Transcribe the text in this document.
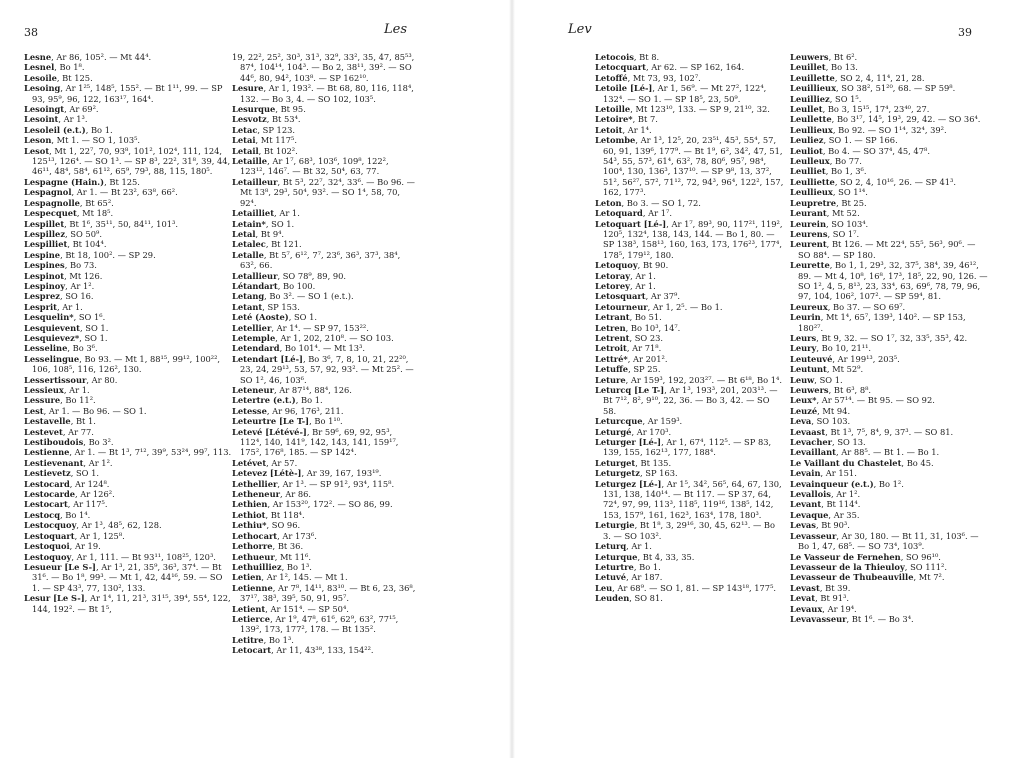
38	Les
Lesne, Ar 86, 105². — Mt 44⁴.
Lesnel, Bo 1⁸.
Lesoile, Bt 125.
Lesoing, Ar 1²⁵, 148⁵, 155². — Bt 1¹¹, 99. — SP 93, 95⁹, 96, 122, 163¹⁷, 164⁴.
Lesoingt, Ar 69².
Lesoint, Ar 1³.
Lesoleil (e.t.), Bo 1.
Leson, Mt 1. — SO 1, 103⁵.
Lesot, Mt 1, 22⁷, 70, 93⁸, 101², 102⁴, 111, 124, 125¹³, 126⁴. — SO 1³. — SP 8³, 22², 31⁸, 39, 44, 46¹¹, 48⁴, 58⁴, 61¹², 65⁹, 79³, 88, 115, 180⁵.
Lespagne (Hain.), Bt 125.
Lespagnol, Ar 1. — Bt 23², 63⁸, 66².
Lespagnolle, Bt 65².
Lespecquet, Mt 18⁵.
Lespillet, Bt 1⁶, 35¹¹, 50, 84¹¹, 101³.
Lespillez, SO 50⁹.
Lespilliet, Bt 104⁴.
Lespine, Bt 18, 100². — SP 29.
Lespines, Bo 73.
Lespinot, Mt 126.
Lespinoy, Ar 1².
Lesprez, SO 16.
Lesprit, Ar 1.
Lesquelin*, SO 1⁶.
Lesquievent, SO 1.
Lesquievez*, SO 1.
Lesseline, Bo 3⁶.
Lesselingue, Bo 93. — Mt 1, 88¹⁵, 99¹², 100²², 106, 108⁵, 116, 126², 130.
Lessertissour, Ar 80.
Lessieux, Ar 1.
Lessure, Bo 11².
Lest, Ar 1. — Bo 96. — SO 1.
Lestavelle, Bt 1.
Lestevet, Ar 77.
Lestiboudois, Bo 3².
Lestienne, Ar 1. — Bt 1³, 7¹², 39⁹, 53²⁴, 99⁷, 113.
Lestievenant, Ar 1².
Lestievetz, SO 1.
Lestocard, Ar 124⁸.
Lestocarde, Ar 126².
Lestocart, Ar 117⁵.
Lestocq, Bo 1⁴.
Lestocquoy, Ar 1³, 48⁵, 62, 128.
Lestoquart, Ar 1, 125⁸.
Lestoquoi, Ar 19.
Lestoquoy, Ar 1, 111. — Bt 93¹¹, 108²⁵, 120³.
Lesueur [Le S-], Ar 1³, 21, 35⁹, 36³, 37⁴. — Bt 31⁶. — Bo 1⁸, 99³. — Mt 1, 42, 44¹⁶, 59. — SO 1. — SP 43³, 77, 130², 133.
Lesur [Le S-], Ar 1⁴, 11, 21³, 31¹⁵, 39⁴, 55⁴, 122, 144, 192². — Bt 1⁵,
19, 22², 25², 30³, 31³, 32⁹, 33², 35, 47, 85⁵³, 87⁴, 104¹⁴, 104³. — Bo 2, 38¹¹, 39². — SO 44⁶, 80, 94², 103⁸. — SP 162¹⁰.
Lesure, Ar 1, 193². — Bt 68, 80, 116, 118⁴, 132. — Bo 3, 4. — SO 102, 103⁵.
Lesurque, Bt 95.
Lesvotz, Bt 53⁴.
Letac, SP 123.
Letai, Mt 117⁵.
Letail, Bt 102².
Letaille, Ar 1⁷, 68³, 103⁶, 109⁸, 122², 123¹², 146⁷. — Bt 32, 50⁴, 63, 77.
Letailleur, Bt 5³, 22⁷, 32⁴, 33⁶. — Bo 96. — Mt 13⁸, 29³, 50⁴, 93². — SO 1⁴, 58, 70, 92⁴.
Letailliet, Ar 1.
Letain*, SO 1.
Letal, Bt 9⁴.
Letalec, Bt 121.
Letalle, Bt 5⁷, 6¹², 7⁷, 23⁶, 36³, 37³, 38⁴, 63², 66.
Letallieur, SO 78⁹, 89, 90.
Létandart, Bo 100.
Letang, Bo 3². — SO 1 (e.t.).
Letant, SP 153.
Leté (Aoste), SO 1.
Letellier, Ar 1⁴. — SP 97, 153²².
Letemple, Ar 1, 202, 210⁸. — SO 103.
Letendard, Bo 101⁴. — Mt 13³.
Letendart [Lé-], Bo 3⁶, 7, 8, 10, 21, 22²⁰, 23, 24, 29¹³, 53, 57, 92, 93². — Mt 25². — SO 1², 46, 103⁶.
Leteneur, Ar 87¹⁴, 88⁴, 126.
Letertre (e.t.), Bo 1.
Letesse, Ar 96, 176³, 211.
Leteurtre [Le T-], Bo 1¹⁰.
Letevé [Létévé-], Br 59⁶, 69, 92, 95³, 112⁴, 140, 141⁹, 142, 143, 141, 159¹⁷, 175², 176⁸, 185. — SP 142⁴.
Letévet, Ar 57.
Letevez [Létè-], Ar 39, 167, 193¹⁹.
Lethellier, Ar 1³. — SP 91², 93⁴, 115⁸.
Letheneur, Ar 86.
Lethien, Ar 153²⁰, 172². — SO 86, 99.
Lethiot, Bt 118⁴.
Lethiu*, SO 96.
Lethocart, Ar 173⁶.
Lethorre, Bt 36.
Lethueur, Mt 11⁶.
Lethuilliez, Bo 1³.
Letien, Ar 1², 145. — Mt 1.
Letienne, Ar 7⁸, 14¹¹, 83¹⁰. — Bt 6, 23, 36⁸, 37¹⁷, 38³, 39⁵, 50, 91, 95⁷.
Letient, Ar 151⁴. — SP 50⁴.
Letierce, Ar 1⁹, 47⁸, 61⁶, 62⁹, 63², 77¹⁵, 139², 173, 177², 178. — Bt 135².
Letitre, Bo 1³.
Letocart, Ar 11, 43³⁸, 133, 154²².
39
Lev
Letocois, Bt 8.
Letocquart, Ar 62. — SP 162, 164.
Letoffé, Mt 73, 93, 102⁷.
Letoile [Lé-], Ar 1, 56⁹. — Mt 27², 122⁴, 132⁴. — SO 1. — SP 18⁵, 23, 50⁹.
Letoille, Mt 123¹⁰, 133. — SP 9, 21¹⁰, 32.
Letoire*, Bt 7.
Letoit, Ar 1⁴.
Letombe, Ar 1³, 12⁵, 20, 23⁵¹, 45³, 55⁴, 57, 60, 91, 139⁶, 177⁹. — Bt 1⁹, 6², 34², 47, 51, 54³, 55, 57³, 61⁴, 63², 78, 80⁶, 95⁷, 98⁴, 100⁴, 130, 136³, 137¹⁰. — SP 9⁸, 13, 37², 51², 56²⁷, 57², 71¹², 72, 94³, 96⁴, 122², 157, 162, 177³.
Leton, Bo 3. — SO 1, 72.
Letoquard, Ar 1⁷.
Letoquart [Lé-], Ar 1⁷, 89³, 90, 117²¹, 119², 120⁵, 132⁴, 138, 143, 144. — Bo 1, 80. — SP 138³, 158¹³, 160, 163, 173, 176²³, 177⁴, 178⁵, 179¹², 180.
Letoquoy, Bt 90.
Letoray, Ar 1.
Letorey, Ar 1.
Letosquart, Ar 37⁹.
Letourneur, Ar 1, 2⁵. — Bo 1.
Letrant, Bo 51.
Letren, Bo 10³, 14⁷.
Letrent, SO 23.
Letroit, Ar 71⁸.
Lettré*, Ar 201².
Letuffe, SP 25.
Leture, Ar 159³, 192, 203²⁷. — Bt 6¹⁸, Bo 1⁴.
Leturcq [Le T-], Ar 1³, 193³, 201, 203¹³. — Bt 7¹², 8², 9¹⁰, 22, 36. — Bo 3, 42. — SO 58.
Leturcque, Ar 159³.
Leturgé, Ar 170³.
Leturger [Lé-], Ar 1, 67⁴, 112⁵. — SP 83, 139, 155, 162¹³, 177, 188⁴.
Leturget, Bt 135.
Leturgetz, SP 163.
Leturgez [Lé-], Ar 1⁵, 34², 56⁵, 64, 67, 130, 131, 138, 140¹⁴. — Bt 117. — SP 37, 64, 72⁴, 97, 99, 113³, 118⁵, 119¹⁶, 138⁵, 142, 153, 157⁹, 161, 162³, 163⁴, 178, 180³.
Leturgie, Bt 1⁸, 3, 29¹⁶, 30, 45, 62¹³. — Bo 3. — SO 103².
Leturq, Ar 1.
Leturque, Bt 4, 33, 35.
Leturtre, Bo 1.
Letuvé, Ar 187.
Leu, Ar 68⁹. — SO 1, 81. — SP 143¹⁸, 177⁵.
Leuden, SO 81.
Leuwers, Bt 6².
Leuillet, Bo 13.
Leuillette, SO 2, 4, 11⁴, 21, 28.
Leuillieux, SO 38², 51²⁰, 68. — SP 59⁸.
Leuilliez, SO 1⁵.
Leullet, Bo 3, 15¹⁵, 17⁴, 23⁴⁰, 27.
Leullette, Bo 3¹⁷, 14⁵, 19³, 29, 42. — SO 36⁴.
Leullieux, Bo 92. — SO 1¹⁴, 32⁴, 39².
Leuliez, SO 1. — SP 166.
Leuliot, Bo 4. — SO 37⁴, 45, 47⁸.
Leulleux, Bo 77.
Leulliet, Bo 1, 3⁶.
Leulliette, SO 2, 4, 10¹⁶, 26. — SP 41³.
Leullieux, SO 1¹⁴.
Leupretre, Bt 25.
Leurant, Mt 52.
Leurein, SO 103⁴.
Leurens, SO 1⁷.
Leurent, Bt 126. — Mt 22⁴, 55⁵, 56³, 90⁶. — SO 88⁴. — SP 180.
Leurette, Bo 1, 1, 29³, 32, 37⁵, 38⁴, 39, 46¹², 89. — Mt 4, 10⁸, 16⁸, 17³, 18⁵, 22, 90, 126. — SO 1², 4, 5, 8¹³, 23, 33⁴, 63, 69⁶, 78, 79, 96, 97, 104, 106², 107². — SP 59⁴, 81.
Leureux, Bo 37. — SO 69⁷.
Leurin, Mt 1⁴, 65⁷, 139³, 140². — SP 153, 180²⁷.
Leurs, Bt 9, 32. — SO 1⁷, 32, 33⁵, 35³, 42.
Leury, Bo 10, 21¹¹.
Leuteuvé, Ar 199¹³, 203⁵.
Leutunt, Mt 52⁹.
Leuw, SO 1.
Leuwers, Bt 6³, 8⁸.
Leux*, Ar 57¹⁴. — Bt 95. — SO 92.
Leuzé, Mt 94.
Leva, SO 103.
Levaast, Bt 1³, 7⁵, 8⁴, 9, 37³. — SO 81.
Levacher, SO 13.
Levaillant, Ar 88⁵. — Bt 1. — Bo 1.
Le Vaillant du Chastelet, Bo 45.
Levain, Ar 151.
Levainqueur (e.t.), Bo 1².
Levallois, Ar 1².
Levant, Bt 114⁴.
Levaque, Ar 35.
Levas, Bt 90³.
Levasseur, Ar 30, 180. — Bt 11, 31, 103⁶. — Bo 1, 47, 68⁵. — SO 73⁴, 103⁹.
Le Vasseur de Fernehen, SO 96¹⁰.
Levasseur de la Thieuloy, SO 111².
Levasseur de Thubeauville, Mt 7².
Levast, Bt 39.
Levat, Bt 91³.
Levaux, Ar 19⁴.
Levavasseur, Bt 1⁶. — Bo 3⁴.
